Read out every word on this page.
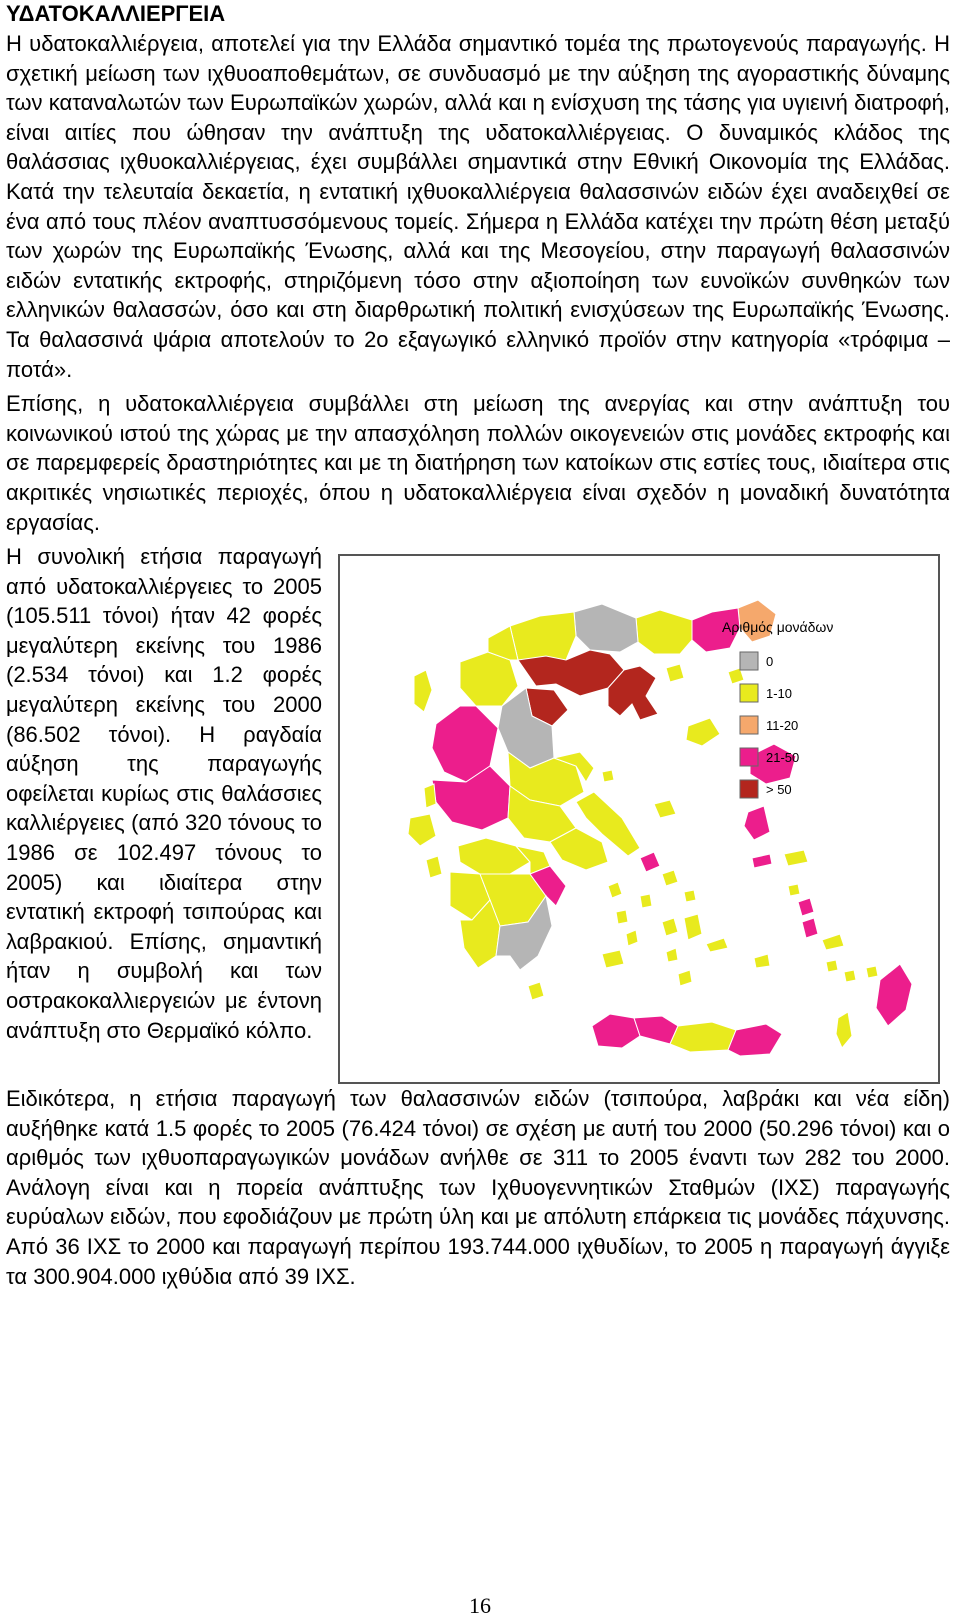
ΥΔΑΤΟΚΑΛΛΙΕΡΓΕΙΑ

Η υδατοκαλλιέργεια, αποτελεί για την Ελλάδα σημαντικό τομέα της πρωτογενούς παραγωγής. Η σχετική μείωση των ιχθυοαποθεμάτων, σε συνδυασμό με την αύξηση της αγοραστικής δύναμης των καταναλωτών των Ευρωπαϊκών χωρών, αλλά και η ενίσχυση της τάσης για υγιεινή διατροφή, είναι αιτίες που ώθησαν την ανάπτυξη της υδατοκαλλιέργειας. Ο δυναμικός κλάδος της θαλάσσιας ιχθυοκαλλιέργειας, έχει συμβάλλει σημαντικά στην Εθνική Οικονομία της Ελλάδας. Κατά την τελευταία δεκαετία, η εντατική ιχθυοκαλλιέργεια θαλασσινών ειδών έχει αναδειχθεί σε ένα από τους πλέον αναπτυσσόμενους τομείς. Σήμερα η Ελλάδα κατέχει την πρώτη θέση μεταξύ των χωρών της Ευρωπαϊκής Ένωσης, αλλά και της Μεσογείου, στην παραγωγή θαλασσινών ειδών εντατικής εκτροφής, στηριζόμενη τόσο στην αξιοποίηση των ευνοϊκών συνθηκών των ελληνικών θαλασσών, όσο και στη διαρθρωτική πολιτική ενισχύσεων της Ευρωπαϊκής Ένωσης. Τα θαλασσινά ψάρια αποτελούν το 2ο εξαγωγικό ελληνικό προϊόν στην κατηγορία «τρόφιμα – ποτά».

Επίσης, η υδατοκαλλιέργεια συμβάλλει στη μείωση της ανεργίας και στην ανάπτυξη του κοινωνικού ιστού της χώρας με την απασχόληση πολλών οικογενειών στις μονάδες εκτροφής και σε παρεμφερείς δραστηριότητες και με τη διατήρηση των κατοίκων στις εστίες τους, ιδιαίτερα στις ακριτικές νησιωτικές περιοχές, όπου η υδατοκαλλιέργεια είναι σχεδόν η μοναδική δυνατότητα εργασίας.

Αριθμός μονάδων
0
1-10
11-20
21-50
> 50

Η συνολική ετήσια παραγωγή από υδατοκαλλιέργειες το 2005 (105.511 τόνοι) ήταν 42 φορές μεγαλύτερη εκείνης του 1986 (2.534 τόνοι) και 1.2 φορές μεγαλύτερη εκείνης του 2000 (86.502 τόνοι). Η ραγδαία αύξηση της παραγωγής οφείλεται κυρίως στις θαλάσσιες καλλιέργειες (από 320 τόνους το 1986 σε 102.497 τόνους το 2005) και ιδιαίτερα στην εντατική εκτροφή τσιπούρας και λαβρακιού. Επίσης, σημαντική ήταν η συμβολή και των οστρακοκαλλιεργειών με έντονη ανάπτυξη στο Θερμαϊκό κόλπο.

Ειδικότερα, η ετήσια παραγωγή των θαλασσινών ειδών (τσιπούρα, λαβράκι και νέα είδη) αυξήθηκε κατά 1.5 φορές το 2005 (76.424 τόνοι) σε σχέση με αυτή του 2000 (50.296 τόνοι) και ο αριθμός των ιχθυοπαραγωγικών μονάδων ανήλθε σε 311 το 2005 έναντι των 282 του 2000. Ανάλογη είναι και η πορεία ανάπτυξης των Ιχθυογεννητικών Σταθμών (ΙΧΣ) παραγωγής ευρύαλων ειδών, που εφοδιάζουν με πρώτη ύλη και με απόλυτη επάρκεια τις μονάδες πάχυνσης. Από 36 ΙΧΣ το 2000 και παραγωγή περίπου 193.744.000 ιχθυδίων, το 2005 η παραγωγή άγγιξε τα 300.904.000 ιχθύδια από 39 ΙΧΣ.

16
